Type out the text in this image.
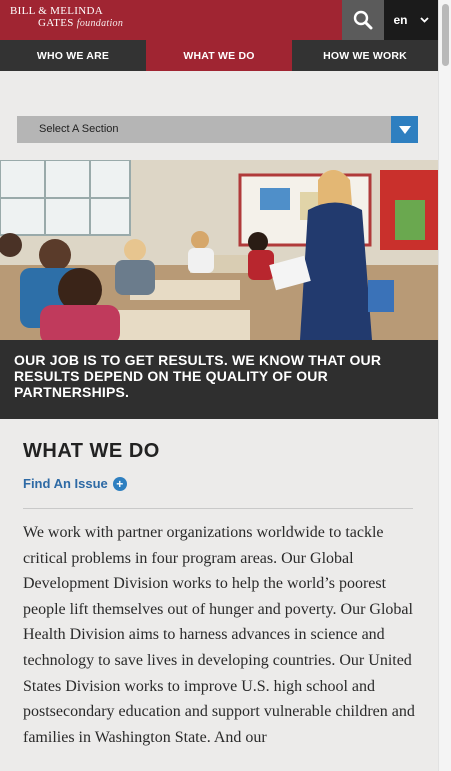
BILL & MELINDA
GATES foundation	en
WHO WE ARE	WHAT WE DO	HOW WE WORK
Select A Section
OUR JOB IS TO GET RESULTS. WE KNOW THAT OUR RESULTS DEPEND ON THE QUALITY OF OUR PARTNERSHIPS.
WHAT WE DO
Find An Issue +

We work with partner organizations worldwide to tackle critical problems in four program areas. Our Global Development Division works to help the world’s poorest people lift themselves out of hunger and poverty. Our Global Health Division aims to harness advances in science and technology to save lives in developing countries. Our United States Division works to improve U.S. high school and postsecondary education and support vulnerable children and families in Washington State. And our
